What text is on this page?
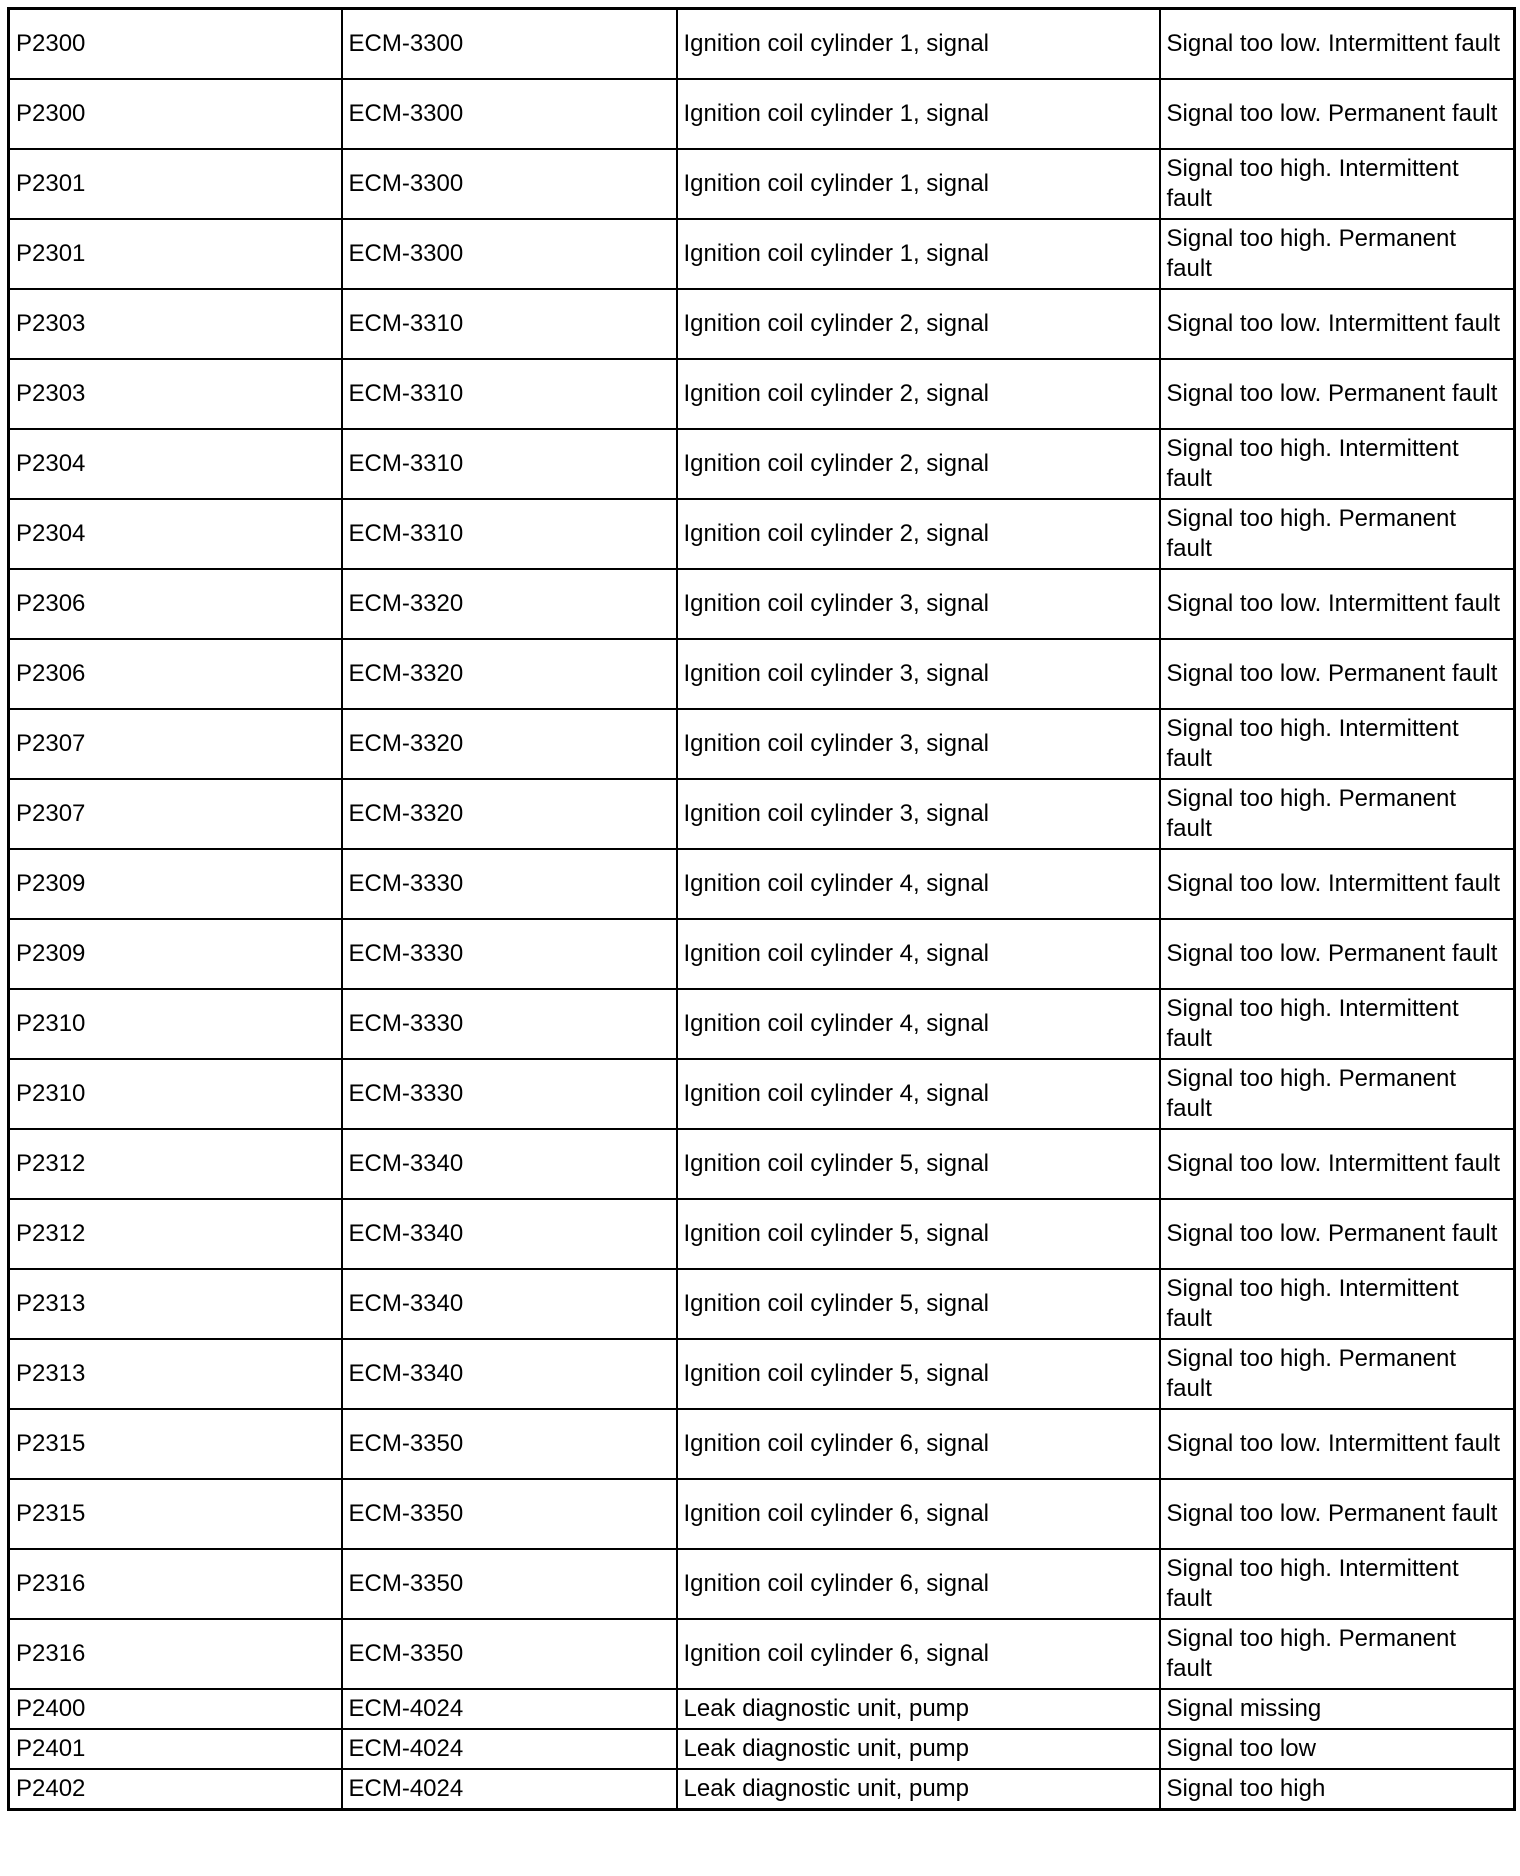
P2300	ECM-3300	Ignition coil cylinder 1, signal	Signal too low. Intermittent fault
P2300	ECM-3300	Ignition coil cylinder 1, signal	Signal too low. Permanent fault
P2301	ECM-3300	Ignition coil cylinder 1, signal	Signal too high. Intermittent fault
P2301	ECM-3300	Ignition coil cylinder 1, signal	Signal too high. Permanent fault
P2303	ECM-3310	Ignition coil cylinder 2, signal	Signal too low. Intermittent fault
P2303	ECM-3310	Ignition coil cylinder 2, signal	Signal too low. Permanent fault
P2304	ECM-3310	Ignition coil cylinder 2, signal	Signal too high. Intermittent fault
P2304	ECM-3310	Ignition coil cylinder 2, signal	Signal too high. Permanent fault
P2306	ECM-3320	Ignition coil cylinder 3, signal	Signal too low. Intermittent fault
P2306	ECM-3320	Ignition coil cylinder 3, signal	Signal too low. Permanent fault
P2307	ECM-3320	Ignition coil cylinder 3, signal	Signal too high. Intermittent fault
P2307	ECM-3320	Ignition coil cylinder 3, signal	Signal too high. Permanent fault
P2309	ECM-3330	Ignition coil cylinder 4, signal	Signal too low. Intermittent fault
P2309	ECM-3330	Ignition coil cylinder 4, signal	Signal too low. Permanent fault
P2310	ECM-3330	Ignition coil cylinder 4, signal	Signal too high. Intermittent fault
P2310	ECM-3330	Ignition coil cylinder 4, signal	Signal too high. Permanent fault
P2312	ECM-3340	Ignition coil cylinder 5, signal	Signal too low. Intermittent fault
P2312	ECM-3340	Ignition coil cylinder 5, signal	Signal too low. Permanent fault
P2313	ECM-3340	Ignition coil cylinder 5, signal	Signal too high. Intermittent fault
P2313	ECM-3340	Ignition coil cylinder 5, signal	Signal too high. Permanent fault
P2315	ECM-3350	Ignition coil cylinder 6, signal	Signal too low. Intermittent fault
P2315	ECM-3350	Ignition coil cylinder 6, signal	Signal too low. Permanent fault
P2316	ECM-3350	Ignition coil cylinder 6, signal	Signal too high. Intermittent fault
P2316	ECM-3350	Ignition coil cylinder 6, signal	Signal too high. Permanent fault
P2400	ECM-4024	Leak diagnostic unit, pump	Signal missing
P2401	ECM-4024	Leak diagnostic unit, pump	Signal too low
P2402	ECM-4024	Leak diagnostic unit, pump	Signal too high
